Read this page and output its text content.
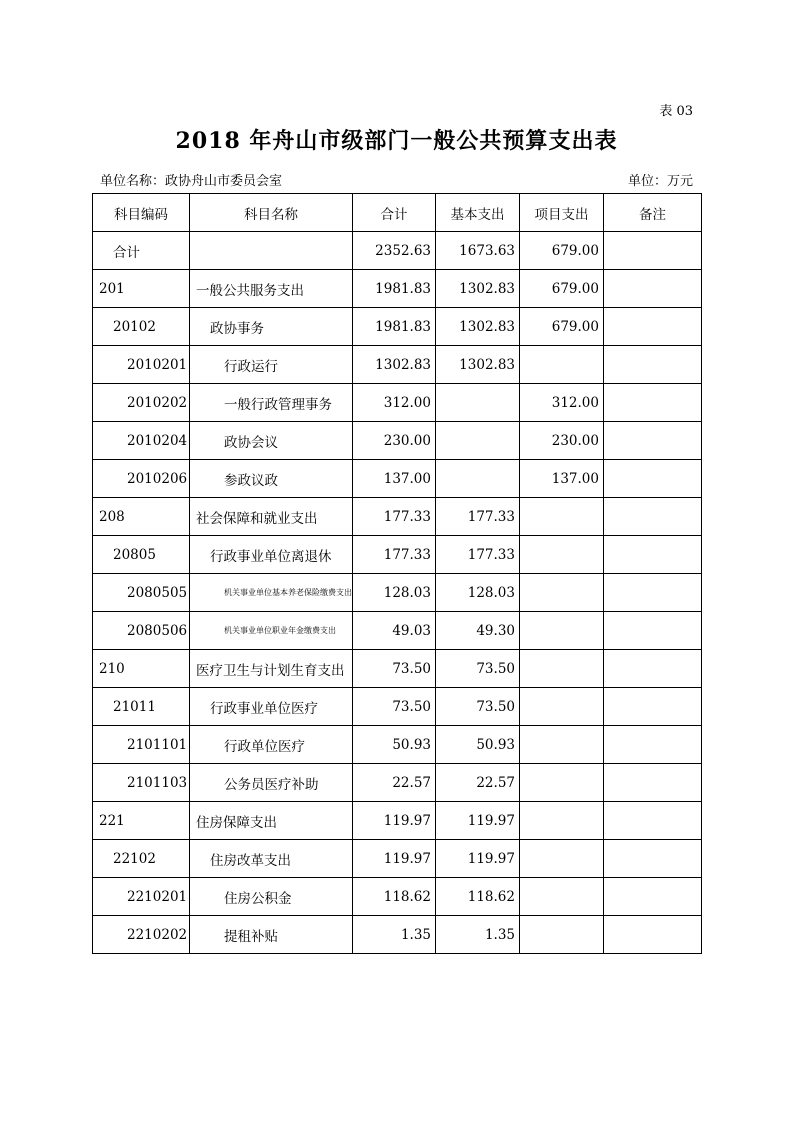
表 03
2018 年舟山市级部门一般公共预算支出表
单位名称：政协舟山市委员会室	单位：万元
科目编码	科目名称	合计	基本支出	项目支出	备注
合计		2352.63	1673.63	679.00	
201	一般公共服务支出	1981.83	1302.83	679.00	
20102	政协事务	1981.83	1302.83	679.00	
2010201	行政运行	1302.83	1302.83		
2010202	一般行政管理事务	312.00		312.00	
2010204	政协会议	230.00		230.00	
2010206	参政议政	137.00		137.00	
208	社会保障和就业支出	177.33	177.33		
20805	行政事业单位离退休	177.33	177.33		
2080505	机关事业单位基本养老保险缴费支出	128.03	128.03		
2080506	机关事业单位职业年金缴费支出	49.03	49.30		
210	医疗卫生与计划生育支出	73.50	73.50		
21011	行政事业单位医疗	73.50	73.50		
2101101	行政单位医疗	50.93	50.93		
2101103	公务员医疗补助	22.57	22.57		
221	住房保障支出	119.97	119.97		
22102	住房改革支出	119.97	119.97		
2210201	住房公积金	118.62	118.62		
2210202	提租补贴	1.35	1.35		
